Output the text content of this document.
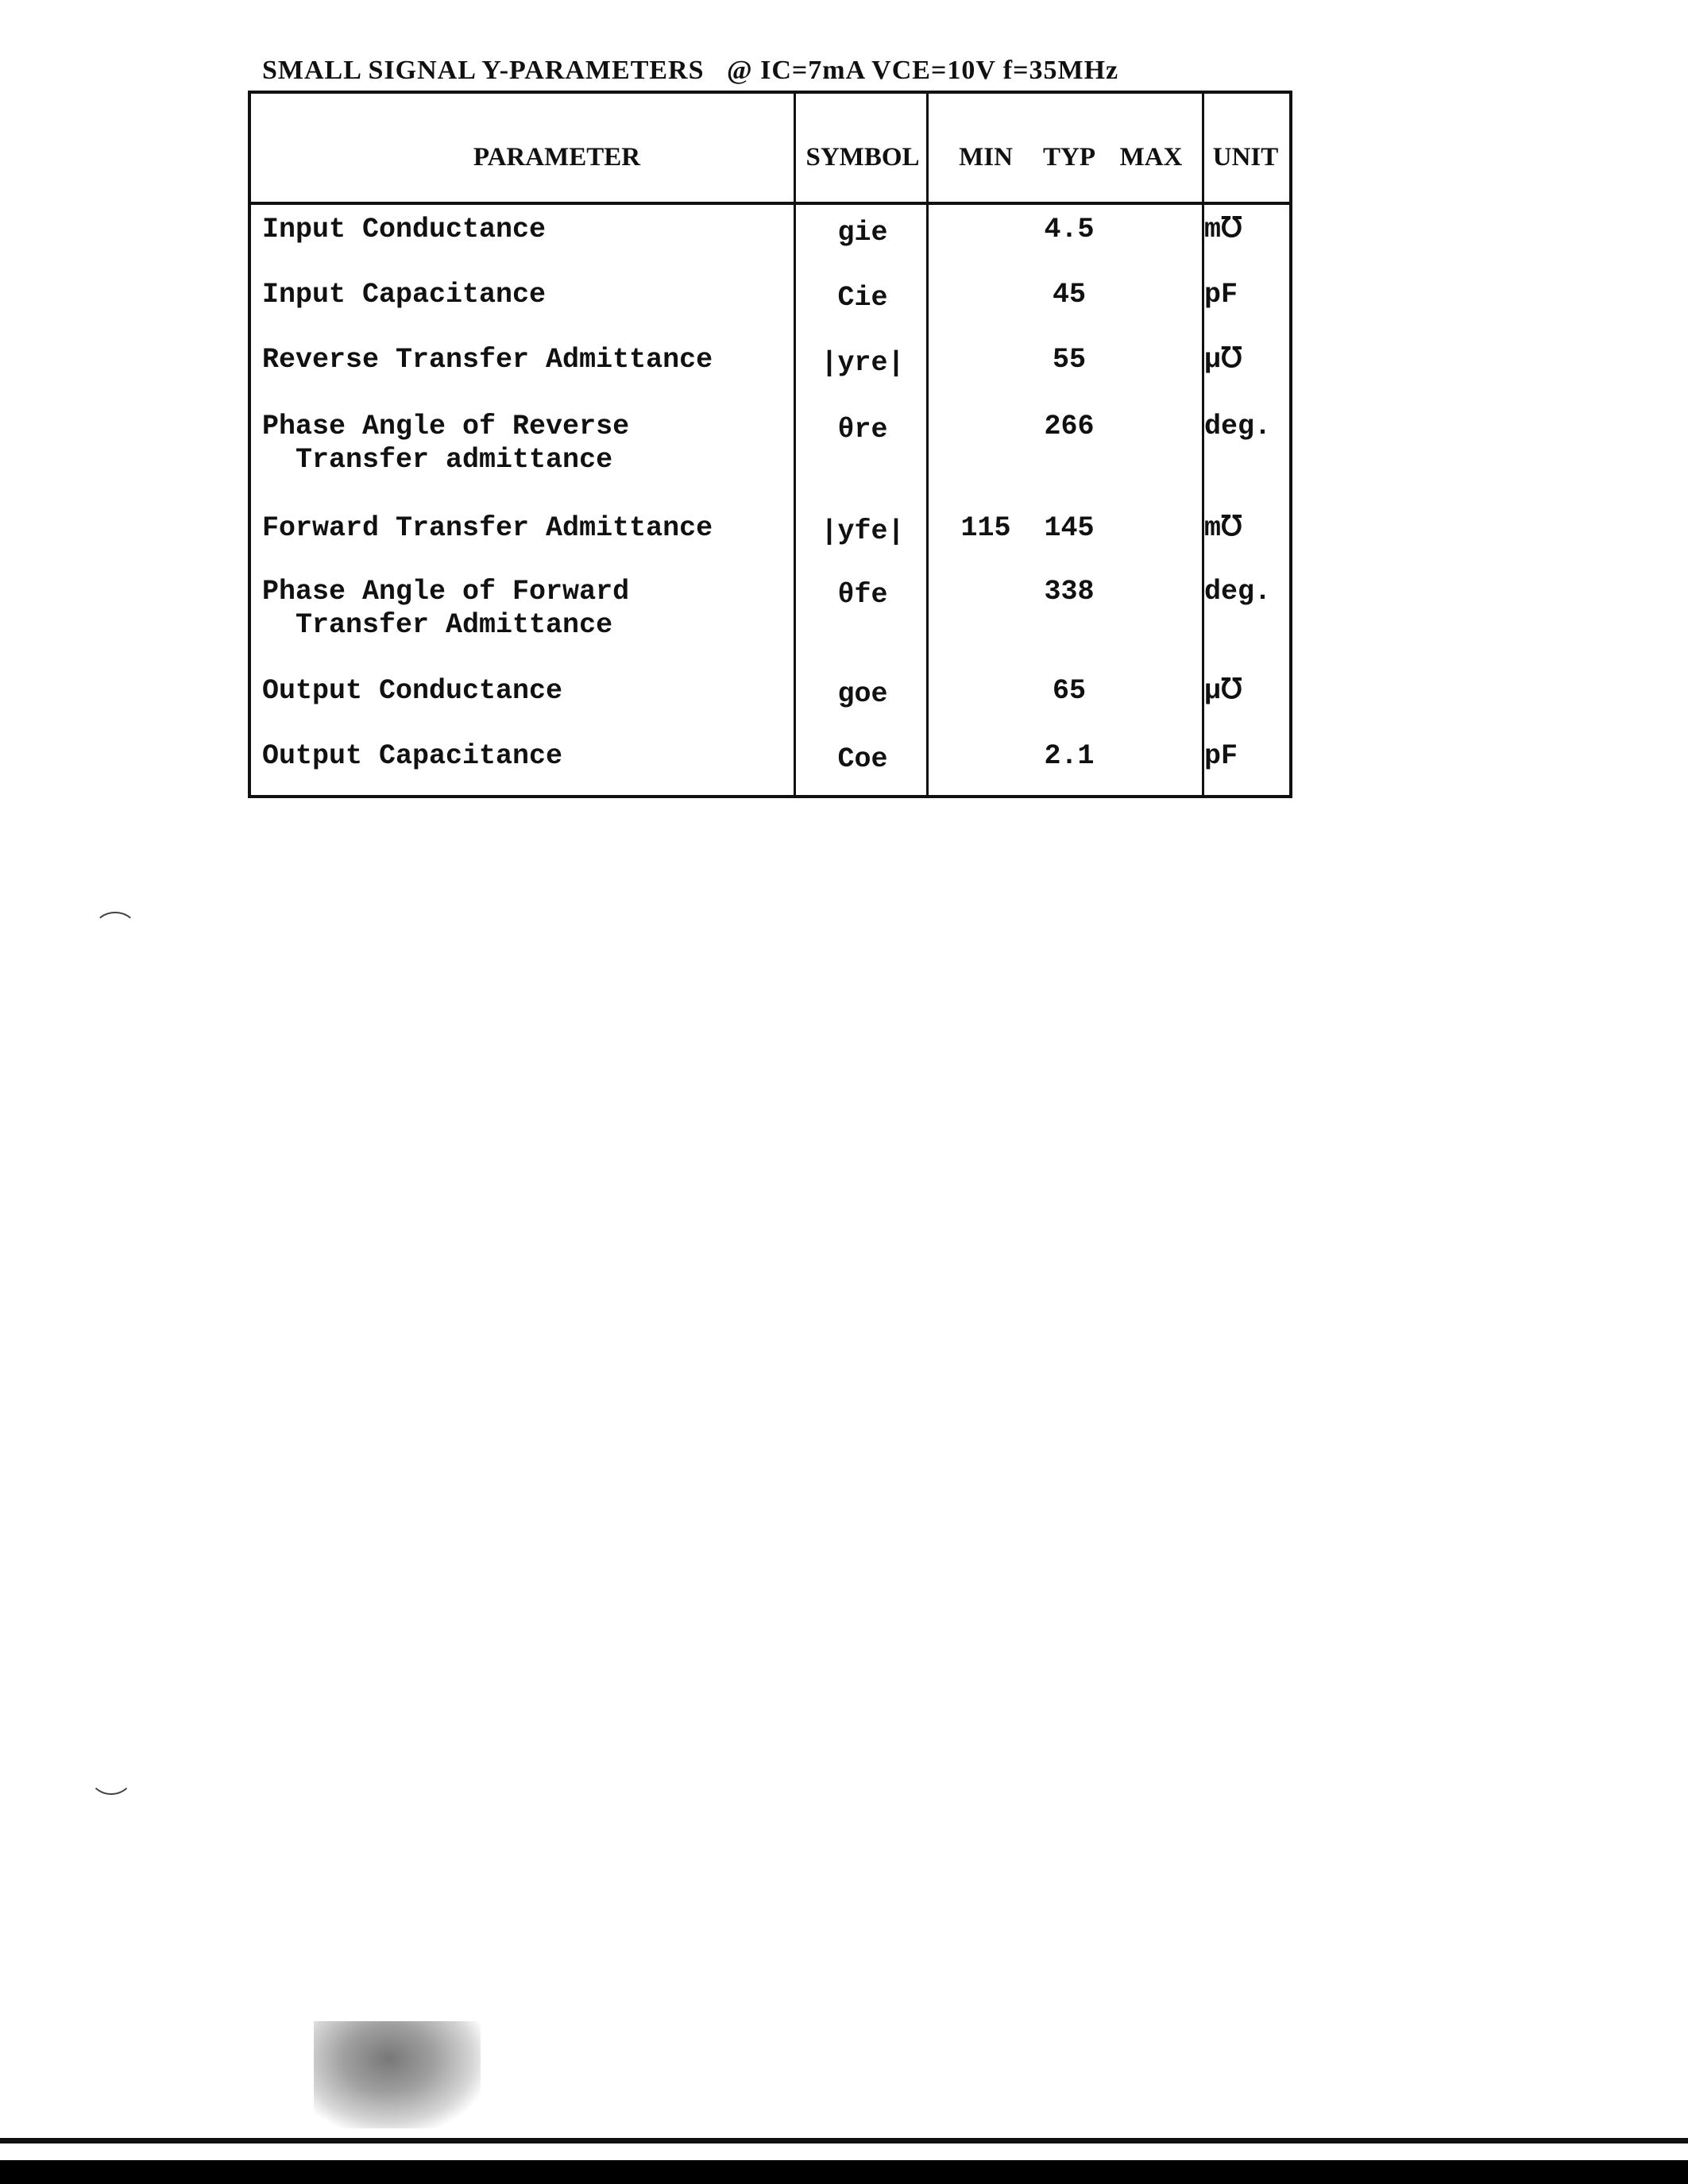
SMALL SIGNAL Y-PARAMETERS @ IC=7mA VCE=10V f=35MHz
PARAMETER	SYMBOL MIN TYP MAX UNIT
Input Conductance	gie	4.5	m℧
Input Capacitance	Cie	45	pF
Reverse Transfer Admittance	|yre|	55	μ℧
Phase Angle of Reverse
Transfer admittance
θre	266	deg.
Forward Transfer Admittance	|yfe| 115 145	m℧
Phase Angle of Forward
Transfer Admittance
θfe	338	deg.
Output Conductance	goe	65	μ℧
Output Capacitance	Coe	2.1	pF
